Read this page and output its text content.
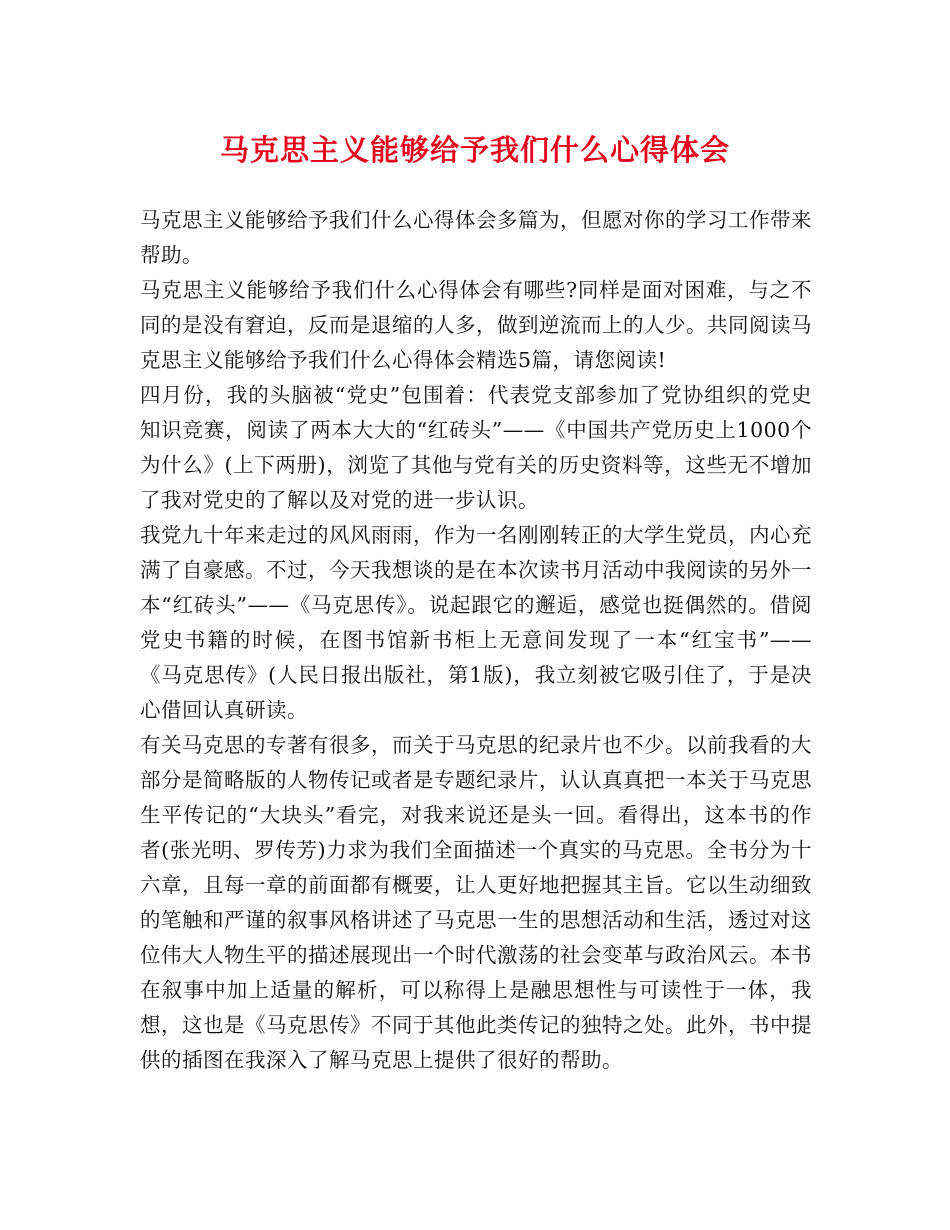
马克思主义能够给予我们什么心得体会

马克思主义能够给予我们什么心得体会多篇为，但愿对你的学习工作带来帮助。

马克思主义能够给予我们什么心得体会有哪些?同样是面对困难，与之不同的是没有窘迫，反而是退缩的人多，做到逆流而上的人少。共同阅读马克思主义能够给予我们什么心得体会精选5篇，请您阅读!

四月份，我的头脑被“党史”包围着：代表党支部参加了党协组织的党史知识竞赛，阅读了两本大大的“红砖头”——《中国共产党历史上1000个为什么》(上下两册)，浏览了其他与党有关的历史资料等，这些无不增加了我对党史的了解以及对党的进一步认识。

我党九十年来走过的风风雨雨，作为一名刚刚转正的大学生党员，内心充满了自豪感。不过，今天我想谈的是在本次读书月活动中我阅读的另外一本“红砖头”——《马克思传》。说起跟它的邂逅，感觉也挺偶然的。借阅党史书籍的时候，在图书馆新书柜上无意间发现了一本“红宝书”——《马克思传》(人民日报出版社，第1版)，我立刻被它吸引住了，于是决心借回认真研读。

有关马克思的专著有很多，而关于马克思的纪录片也不少。以前我看的大部分是简略版的人物传记或者是专题纪录片，认认真真把一本关于马克思生平传记的“大块头”看完，对我来说还是头一回。看得出，这本书的作者(张光明、罗传芳)力求为我们全面描述一个真实的马克思。全书分为十六章，且每一章的前面都有概要，让人更好地把握其主旨。它以生动细致的笔触和严谨的叙事风格讲述了马克思一生的思想活动和生活，透过对这位伟大人物生平的描述展现出一个时代激荡的社会变革与政治风云。本书在叙事中加上适量的解析，可以称得上是融思想性与可读性于一体，我想，这也是《马克思传》不同于其他此类传记的独特之处。此外，书中提供的插图在我深入了解马克思上提供了很好的帮助。
